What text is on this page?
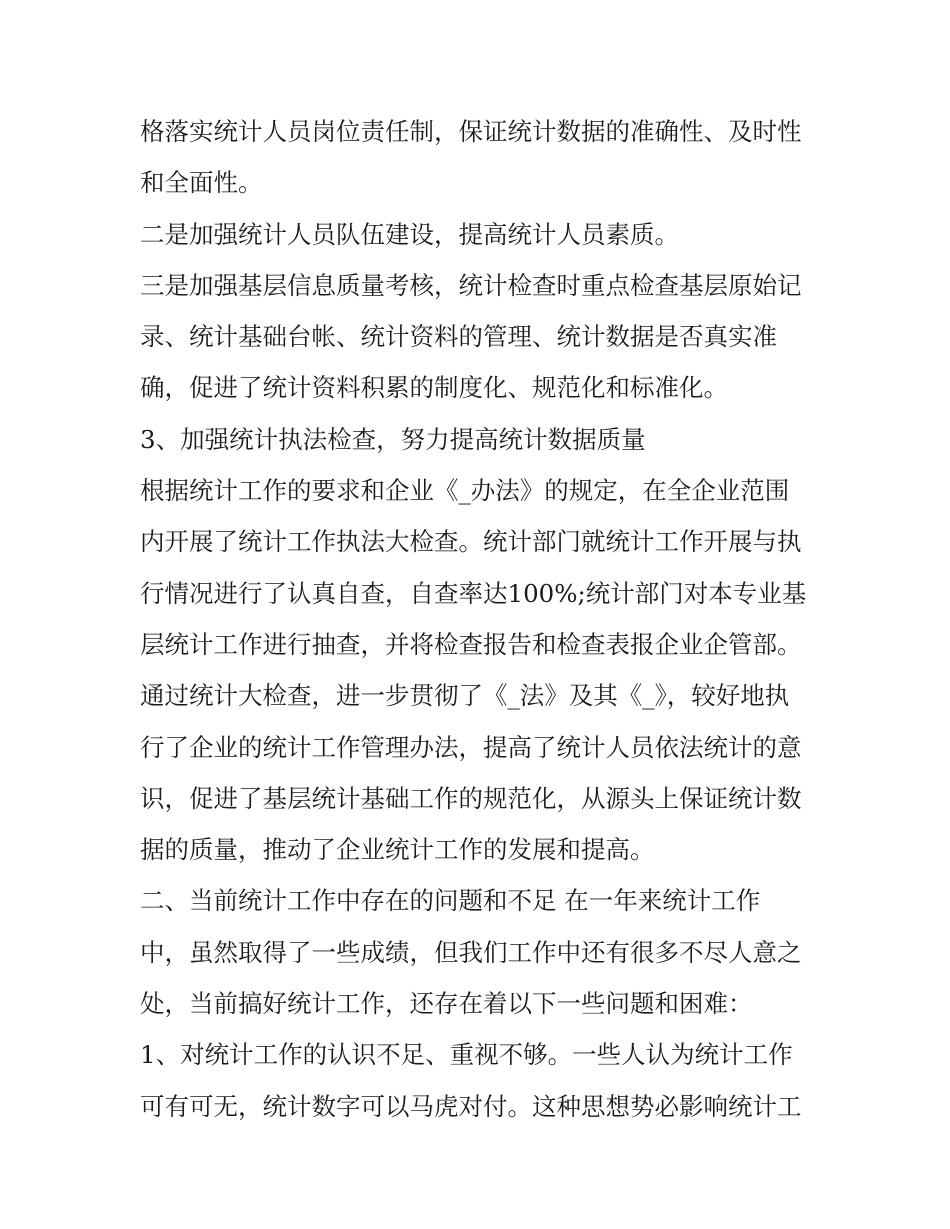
格落实统计人员岗位责任制，保证统计数据的准确性、及时性
和全面性。
二是加强统计人员队伍建设，提高统计人员素质。
三是加强基层信息质量考核，统计检查时重点检查基层原始记
录、统计基础台帐、统计资料的管理、统计数据是否真实准
确，促进了统计资料积累的制度化、规范化和标准化。
3、加强统计执法检查，努力提高统计数据质量
根据统计工作的要求和企业《_办法》的规定，在全企业范围
内开展了统计工作执法大检查。统计部门就统计工作开展与执
行情况进行了认真自查，自查率达100%;统计部门对本专业基
层统计工作进行抽查，并将检查报告和检查表报企业企管部。
通过统计大检查，进一步贯彻了《_法》及其《_》，较好地执
行了企业的统计工作管理办法，提高了统计人员依法统计的意
识，促进了基层统计基础工作的规范化，从源头上保证统计数
据的质量，推动了企业统计工作的发展和提高。
二、当前统计工作中存在的问题和不足 在一年来统计工作
中，虽然取得了一些成绩，但我们工作中还有很多不尽人意之
处，当前搞好统计工作，还存在着以下一些问题和困难：
1、对统计工作的认识不足、重视不够。一些人认为统计工作
可有可无，统计数字可以马虎对付。这种思想势必影响统计工
